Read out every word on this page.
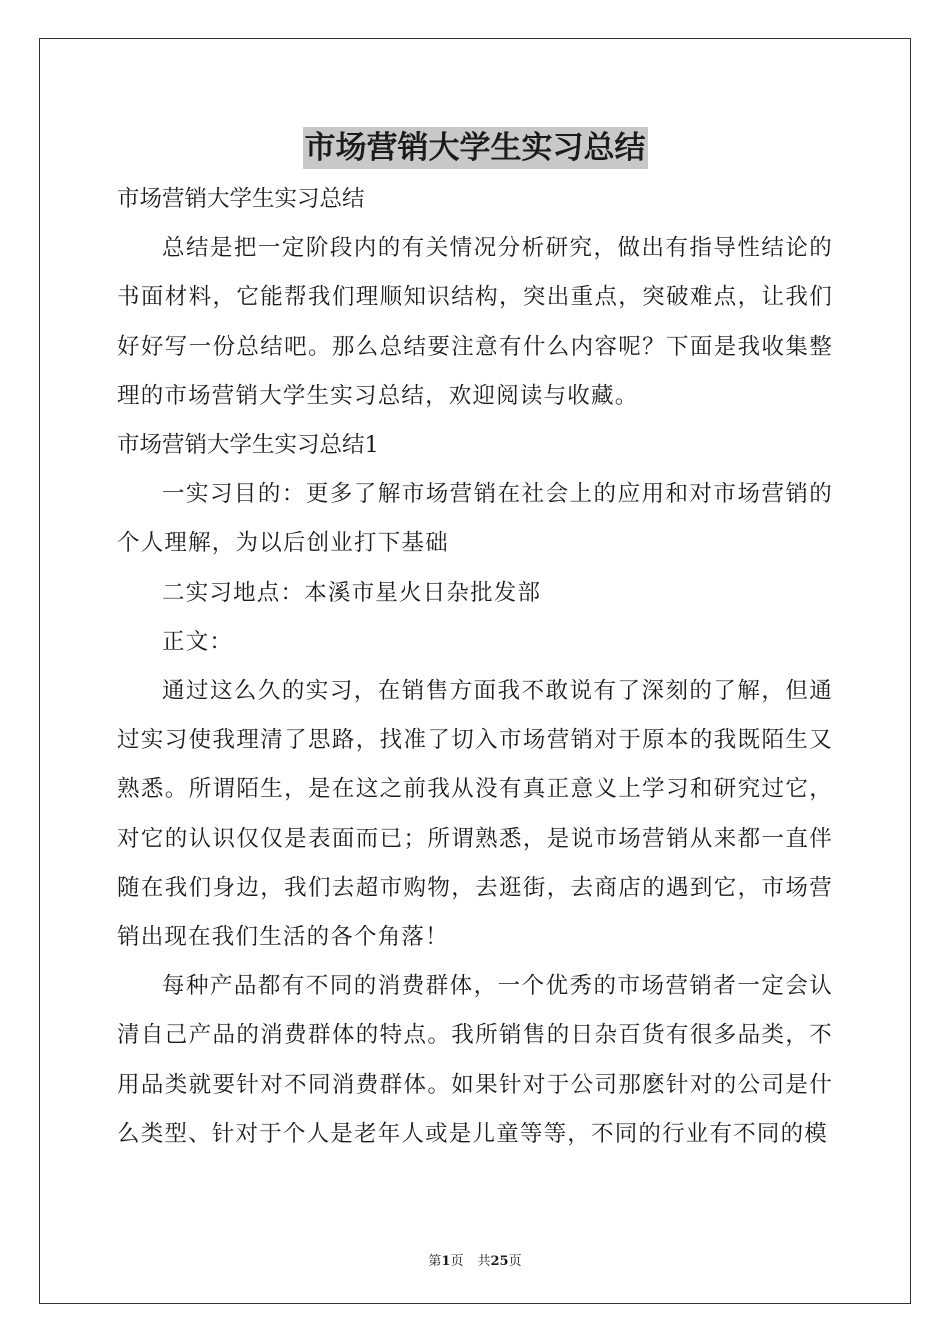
市场营销大学生实习总结

市场营销大学生实习总结

总结是把一定阶段内的有关情况分析研究，做出有指导性结论的书面材料，它能帮我们理顺知识结构，突出重点，突破难点，让我们好好写一份总结吧。那么总结要注意有什么内容呢？下面是我收集整理的市场营销大学生实习总结，欢迎阅读与收藏。

市场营销大学生实习总结1

一实习目的：更多了解市场营销在社会上的应用和对市场营销的个人理解，为以后创业打下基础

二实习地点：本溪市星火日杂批发部

正文：

通过这么久的实习，在销售方面我不敢说有了深刻的了解，但通过实习使我理清了思路，找准了切入市场营销对于原本的我既陌生又熟悉。所谓陌生，是在这之前我从没有真正意义上学习和研究过它，对它的认识仅仅是表面而已；所谓熟悉，是说市场营销从来都一直伴随在我们身边，我们去超市购物，去逛街，去商店的遇到它，市场营销出现在我们生活的各个角落！

每种产品都有不同的消费群体，一个优秀的市场营销者一定会认清自己产品的消费群体的特点。我所销售的日杂百货有很多品类，不用品类就要针对不同消费群体。如果针对于公司那麽针对的公司是什么类型、针对于个人是老年人或是儿童等等，不同的行业有不同的模

第1页 共25页
